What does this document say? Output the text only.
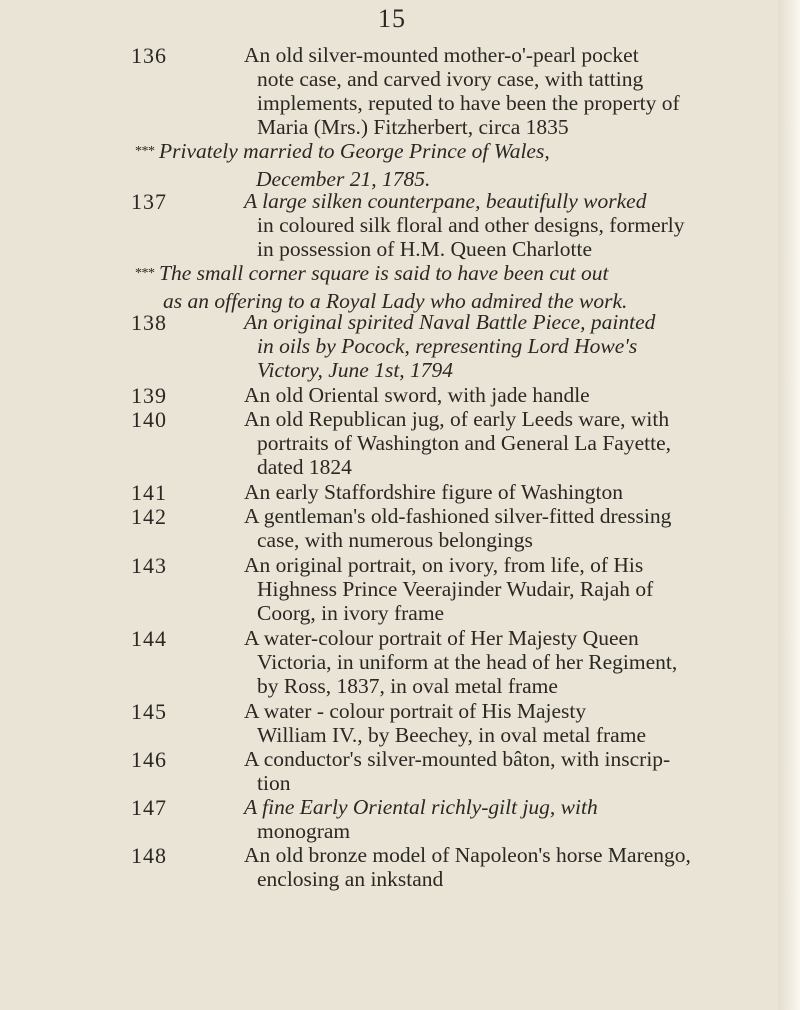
15
136	An old silver-mounted mother-o'-pearl pocket
note case, and carved ivory case, with tatting
implements, reputed to have been the property of
Maria (Mrs.) Fitzherbert, circa 1835
* * * Privately married to George Prince of Wales,
December 21, 1785.
137	A large silken counterpane, beautifully worked
in coloured silk floral and other designs, formerly
in possession of H.M. Queen Charlotte
* * * The small corner square is said to have been cut out
as an offering to a Royal Lady who admired the work.
138	An original spirited Naval Battle Piece, painted
in oils by Pocock, representing Lord Howe's
Victory, June 1st, 1794
139	An old Oriental sword, with jade handle
140	An old Republican jug, of early Leeds ware, with
portraits of Washington and General La Fayette,
dated 1824
141	An early Staffordshire figure of Washington
142	A gentleman's old-fashioned silver-fitted dressing
case, with numerous belongings
143	An original portrait, on ivory, from life, of His
Highness Prince Veerajinder Wudair, Rajah of
Coorg, in ivory frame
144	A water-colour portrait of Her Majesty Queen
Victoria, in uniform at the head of her Regiment,
by Ross, 1837, in oval metal frame
145	A water - colour portrait of His Majesty
William IV., by Beechey, in oval metal frame
146	A conductor's silver-mounted bâton, with inscrip-
tion
147	A fine Early Oriental richly-gilt jug, with
monogram
148	An old bronze model of Napoleon's horse Marengo,
enclosing an inkstand
